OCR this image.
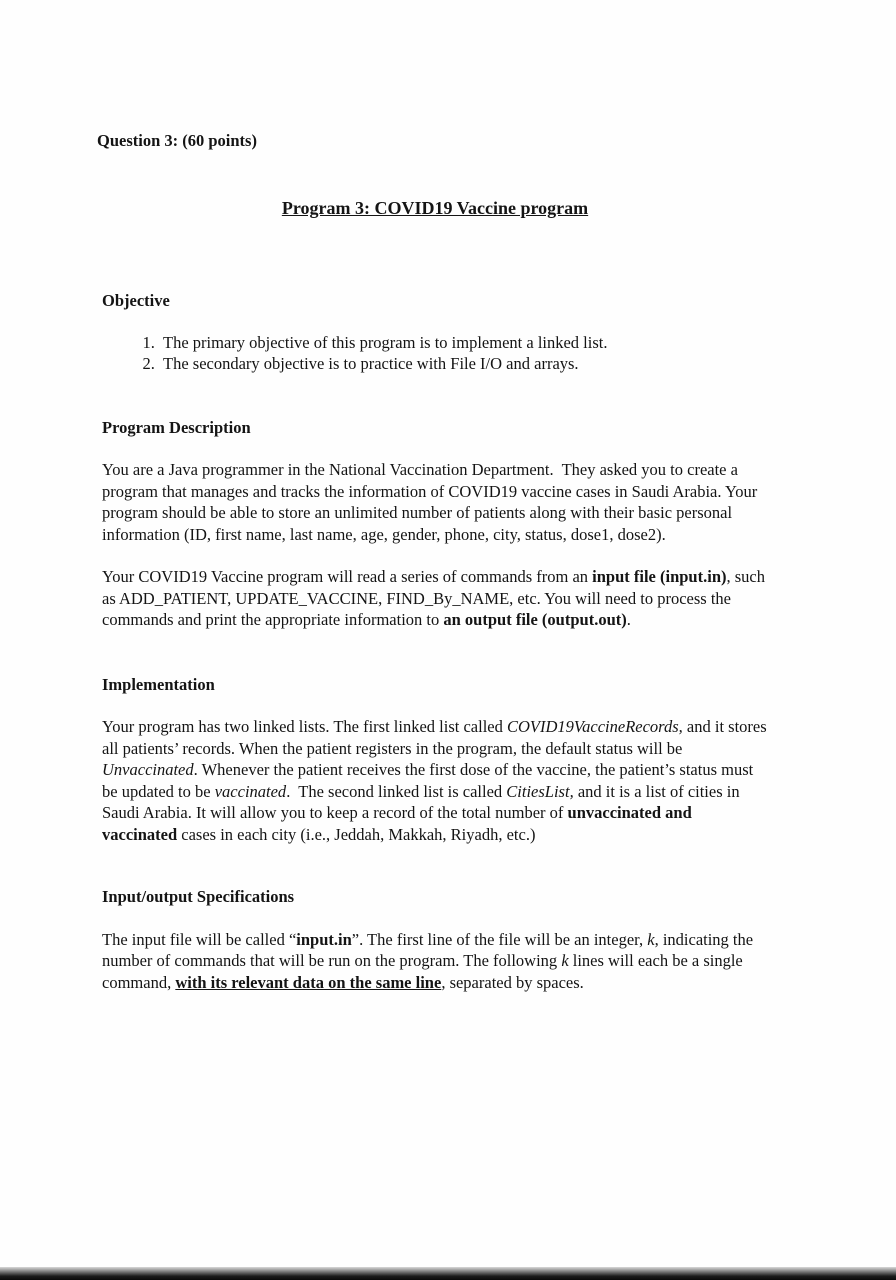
Question 3: (60 points)
Program 3: COVID19 Vaccine program
Objective
1. The primary objective of this program is to implement a linked list.
2. The secondary objective is to practice with File I/O and arrays.
Program Description
You are a Java programmer in the National Vaccination Department.  They asked you to create a program that manages and tracks the information of COVID19 vaccine cases in Saudi Arabia. Your program should be able to store an unlimited number of patients along with their basic personal information (ID, first name, last name, age, gender, phone, city, status, dose1, dose2).
Your COVID19 Vaccine program will read a series of commands from an input file (input.in), such as ADD_PATIENT, UPDATE_VACCINE, FIND_By_NAME, etc. You will need to process the commands and print the appropriate information to an output file (output.out).
Implementation
Your program has two linked lists. The first linked list called COVID19VaccineRecords, and it stores all patients’ records. When the patient registers in the program, the default status will be Unvaccinated. Whenever the patient receives the first dose of the vaccine, the patient’s status must be updated to be vaccinated.  The second linked list is called CitiesList, and it is a list of cities in Saudi Arabia. It will allow you to keep a record of the total number of unvaccinated and vaccinated cases in each city (i.e., Jeddah, Makkah, Riyadh, etc.)
Input/output Specifications
The input file will be called “input.in”. The first line of the file will be an integer, k, indicating the number of commands that will be run on the program. The following k lines will each be a single command, with its relevant data on the same line, separated by spaces.
